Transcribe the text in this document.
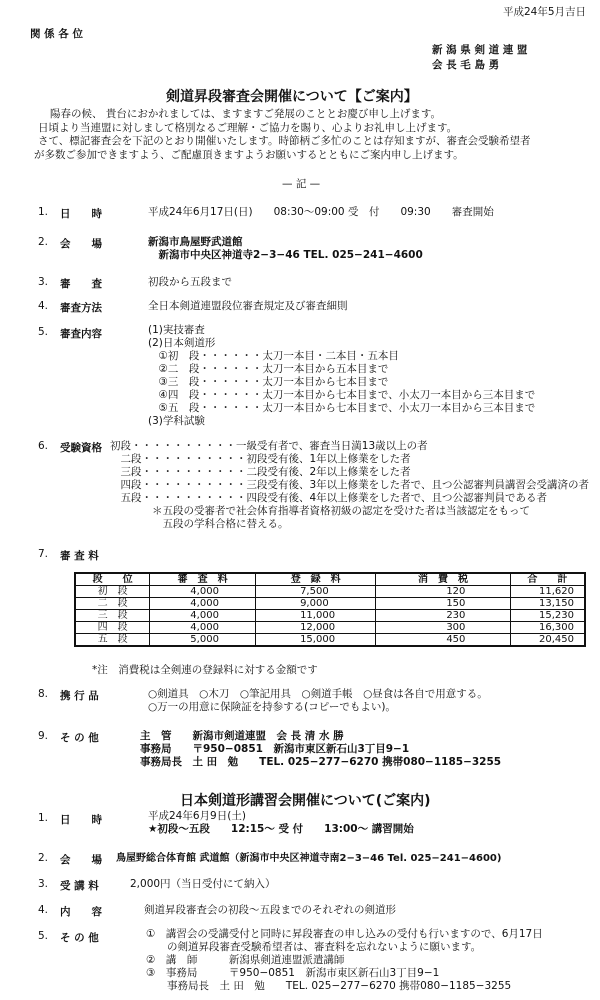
平成24年5月吉日
関 係 各 位
新 潟 県 剣 道 連 盟
会 長 毛 島 勇
剣道昇段審査会開催について【ご案内】
陽春の候、 貴台におかれましては、ますますご発展のこととお慶び申し上げます。
日頃より当連盟に対しまして格別なるご理解・ご協力を賜り、心よりお礼申し上げます。
さて、標記審査会を下記のとおり開催いたします。時節柄ご多忙のことは存知ますが、審査会受験希望者
が多数ご参加できますよう、ご配慮頂きますようお願いするとともにご案内申し上げます。
— 記 —
1.	日　　時	平成24年6月17日(日)　　08:30〜09:00 受　付　　09:30　　審査開始
2.	会　　場	新潟市鳥屋野武道館
　新潟市中央区神道寺2−3−46 TEL. 025−241−4600
3.	審　　査	初段から五段まで
4.	審査方法	全日本剣道連盟段位審査規定及び審査細則
5.	審査内容	(1)実技審査
(2)日本剣道形
　①初　段・・・・・・太刀一本目・二本目・五本目
　②二　段・・・・・・太刀一本目から五本目まで
　③三　段・・・・・・太刀一本目から七本目まで
　④四　段・・・・・・太刀一本目から七本目まで、小太刀一本目から三本目まで
　⑤五　段・・・・・・太刀一本目から七本目まで、小太刀一本目から三本目まで
(3)学科試験
6.	受験資格 初段・・・・・・・・・・一級受有者で、審査当日満13歳以上の者
　二段・・・・・・・・・・初段受有後、1年以上修業をした者
　三段・・・・・・・・・・二段受有後、2年以上修業をした者
　四段・・・・・・・・・・三段受有後、3年以上修業をした者で、且つ公認審判員講習会受講済の者
　五段・・・・・・・・・・四段受有後、4年以上修業をした者で、且つ公認審判員である者
　　　　＊五段の受審者で社会体育指導者資格初級の認定を受けた者は当該認定をもって
　　　　　五段の学科合格に替える。
7.	審 査 料
段　　位	審　査　料	登　録　料	消　費　税	合　　計
初　段	4,000	7,500	120	11,620
二　段	4,000	9,000	150	13,150
三　段	4,000	11,000	230	15,230
四　段	4,000	12,000	300	16,300
五　段	5,000	15,000	450	20,450
*注　消費税は全剣連の登録料に対する金額です
8.	携 行 品	○剣道具　○木刀　○筆記用具　○剣道手帳　○昼食は各自で用意する。
○万一の用意に保険証を持参する(コピーでもよい)。
9.	そ の 他	主　管　　新潟市剣道連盟　会 長 清 水 勝
事務局　　〒950−0851　新潟市東区新石山3丁目9−1
事務局長　土 田　勉　　TEL. 025−277−6270 携帯080−1185−3255
日本剣道形講習会開催について(ご案内)
1.	日　　時	平成24年6月9日(土)
★初段〜五段　　12:15〜 受 付　　13:00〜 講習開始
2.	会　　場	鳥屋野総合体育館 武道館（新潟市中央区神道寺南2−3−46 Tel. 025−241−4600)
3.	受 講 料	2,000円（当日受付にて納入）
4.	内　　容	剣道昇段審査会の初段〜五段までのそれぞれの剣道形
5.	そ の 他	①　講習会の受講受付と同時に昇段審査の申し込みの受付も行いますので、6月17日
　　の剣道昇段審査受験希望者は、審査料を忘れないように願います。
②　講　師　　　新潟県剣道連盟派遣講師
③　事務局　　　〒950−0851　新潟市東区新石山3丁目9−1
　　事務局長　土 田　勉　　TEL. 025−277−6270 携帯080−1185−3255
